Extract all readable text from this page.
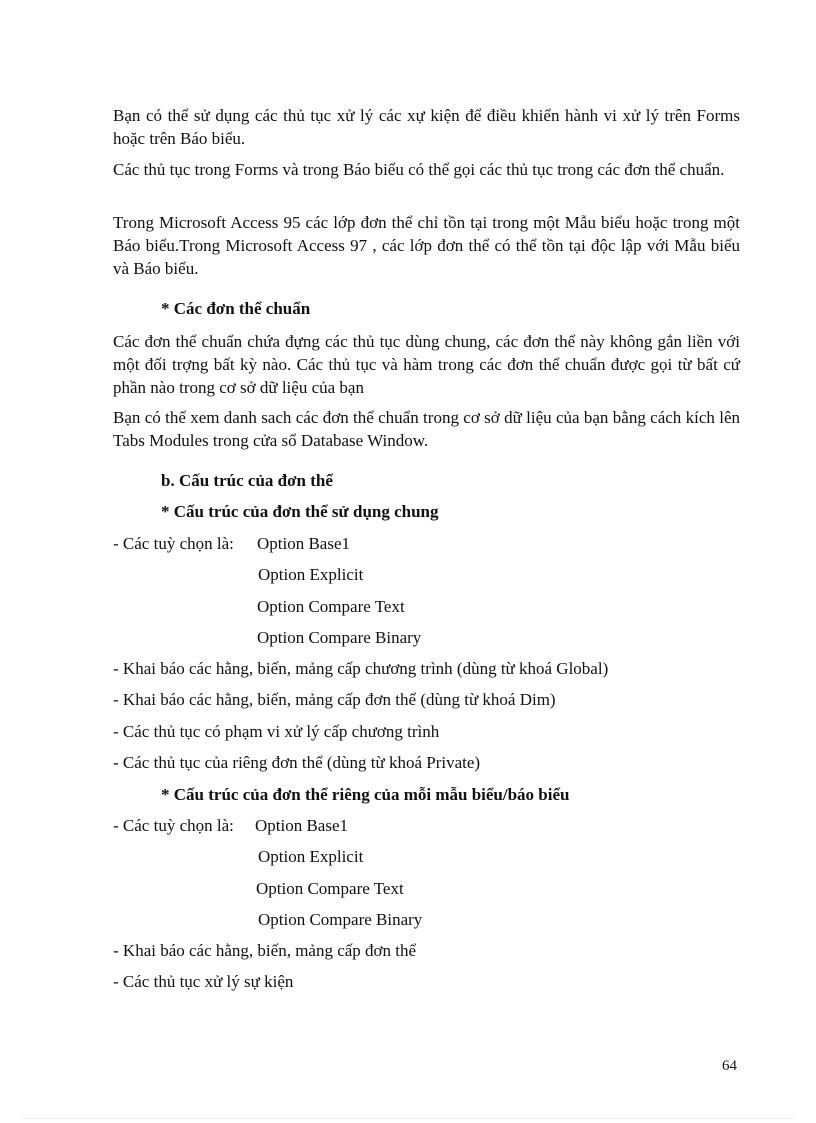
Bạn có thể sử dụng các thủ tục xử lý các xự kiện để điều khiển hành vi xử lý trên Forms hoặc trên Báo biểu.

Các thủ tục trong Forms và trong Báo biểu có thể gọi các thủ tục trong các đơn thể chuẩn.

Trong Microsoft Access 95 các lớp đơn thể chỉ tồn tại trong một Mẫu biểu hoặc trong một Báo biểu.Trong Microsoft Access 97 , các lớp đơn thể có thể tồn tại độc lập với Mẫu biểu và Báo biểu.

* Các đơn thể chuẩn

Các đơn thể chuẩn chứa đựng các thủ tục dùng chung, các đơn thể này không gắn liền với một đối trợng bất kỳ nào. Các thủ tục và hàm trong các đơn thể chuẩn được gọi từ bất cứ phần nào trong cơ sở dữ liệu của bạn

Bạn có thể xem danh sach các đơn thể chuẩn trong cơ sở dữ liệu của bạn bằng cách kích lên Tabs Modules trong cửa sổ Database Window.

b. Cấu trúc của đơn thể

* Cấu trúc của đơn thể sử dụng chung

- Các tuỳ chọn là: Option Base1

Option Explicit

Option Compare Text

Option Compare Binary

- Khai báo các hằng, biến, mảng cấp chương trình (dùng từ khoá Global)

- Khai báo các hằng, biến, mảng cấp đơn thể (dùng từ khoá Dim)

- Các thủ tục có phạm vi xử lý cấp chương trình

- Các thủ tục của riêng đơn thể (dùng từ khoá Private)

* Cấu trúc của đơn thể riêng của mỗi mẫu biểu/báo biểu

- Các tuỳ chọn là: Option Base1

Option Explicit

Option Compare Text

Option Compare Binary

- Khai báo các hằng, biến, mảng cấp đơn thể

- Các thủ tục xử lý sự kiện

64
